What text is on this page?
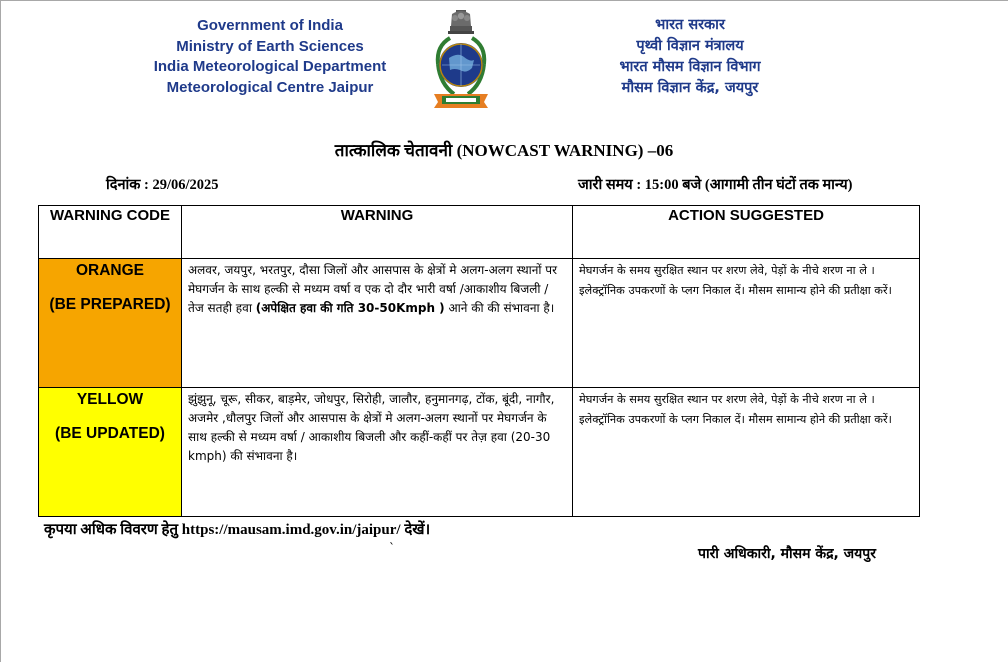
Government of India
Ministry of Earth Sciences
India Meteorological Department
Meteorological Centre Jaipur
भारत सरकार
पृथ्वी विज्ञान मंत्रालय
भारत मौसम विज्ञान विभाग
मौसम विज्ञान केंद्र, जयपुर
तात्कालिक चेतावनी (NOWCAST WARNING) –06
दिनांक : 29/06/2025	जारी समय : 15:00 बजे (आगामी तीन घंटों तक मान्य)
WARNING CODE	WARNING	ACTION SUGGESTED

ORANGE
(BE PREPARED)	अलवर, जयपुर, भरतपुर, दौसा जिलों और आसपास के क्षेत्रों मे अलग-अलग स्थानों पर मेघगर्जन के साथ हल्की से मध्यम वर्षा व एक दो दौर भारी वर्षा /आकाशीय बिजली / तेज सतही हवा (अपेक्षित हवा की गति 30-50Kmph ) आने की की संभावना है।	मेघगर्जन के समय सुरक्षित स्थान पर शरण लेवे, पेड़ों के नीचे शरण ना ले । इलेक्ट्रॉनिक उपकरणों के प्लग निकाल दें। मौसम सामान्य होने की प्रतीक्षा करें।

YELLOW
(BE UPDATED)	झुंझुनू, चूरू, सीकर, बाड़मेर, जोधपुर, सिरोही, जालौर, हनुमानगढ़, टोंक, बूंदी, नागौर, अजमेर ,धौलपुर जिलों और आसपास के क्षेत्रों मे अलग-अलग स्थानों पर मेघगर्जन के साथ हल्की से मध्यम वर्षा / आकाशीय बिजली और कहीं-कहीं पर तेज़ हवा (20-30 kmph) की संभावना है।	मेघगर्जन के समय सुरक्षित स्थान पर शरण लेवे, पेड़ों के नीचे शरण ना ले । इलेक्ट्रॉनिक उपकरणों के प्लग निकाल दें। मौसम सामान्य होने की प्रतीक्षा करें।
कृपया अधिक विवरण हेतु https://mausam.imd.gov.in/jaipur/ देखें।
`	पारी अधिकारी, मौसम केंद्र, जयपुर
